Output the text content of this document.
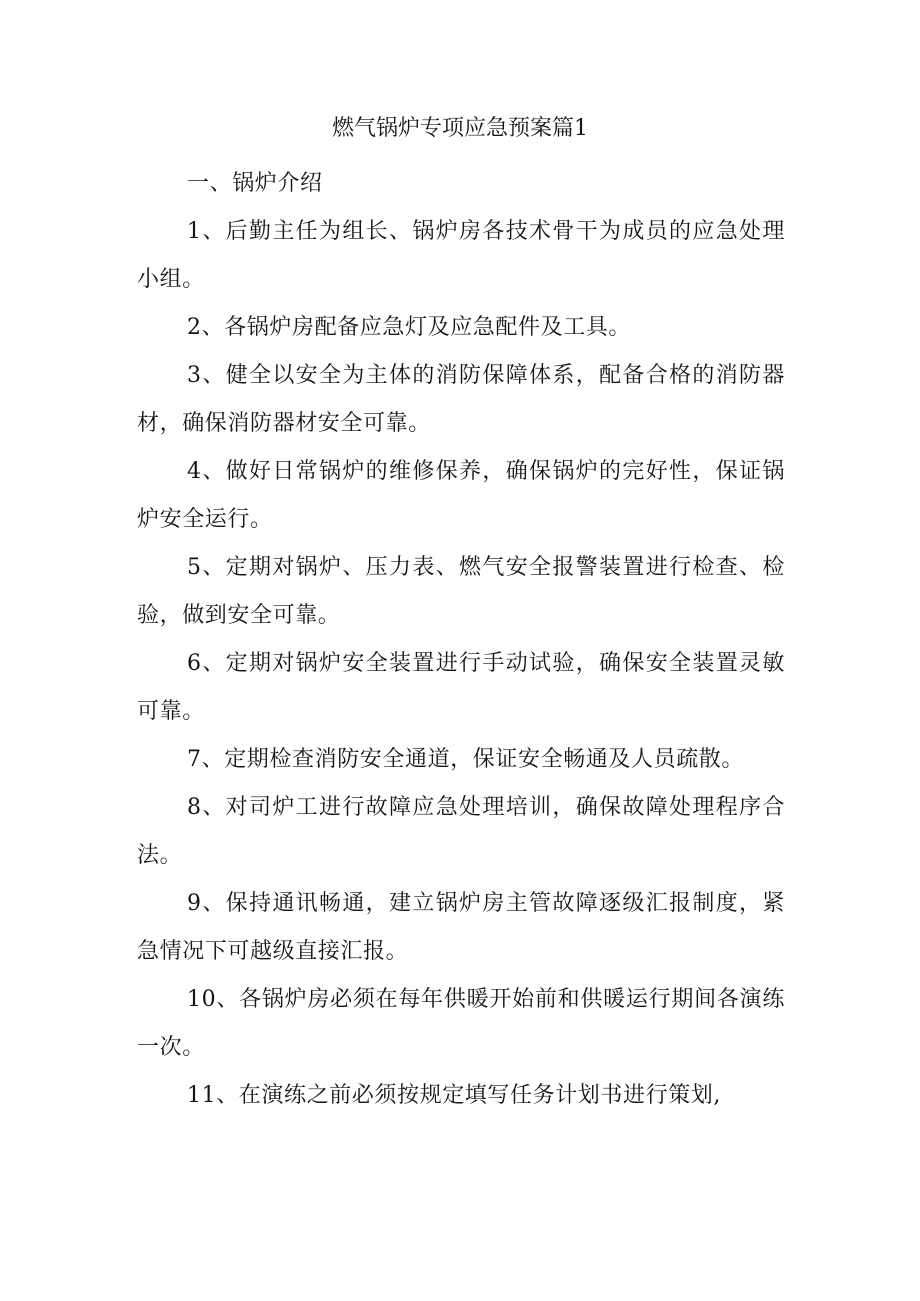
燃气锅炉专项应急预案篇1

一、锅炉介绍

1、后勤主任为组长、锅炉房各技术骨干为成员的应急处理小组。

2、各锅炉房配备应急灯及应急配件及工具。

3、健全以安全为主体的消防保障体系，配备合格的消防器材，确保消防器材安全可靠。

4、做好日常锅炉的维修保养，确保锅炉的完好性，保证锅炉安全运行。

5、定期对锅炉、压力表、燃气安全报警装置进行检查、检验，做到安全可靠。

6、定期对锅炉安全装置进行手动试验，确保安全装置灵敏可靠。

7、定期检查消防安全通道，保证安全畅通及人员疏散。

8、对司炉工进行故障应急处理培训，确保故障处理程序合法。

9、保持通讯畅通，建立锅炉房主管故障逐级汇报制度，紧急情况下可越级直接汇报。

10、各锅炉房必须在每年供暖开始前和供暖运行期间各演练一次。

11、在演练之前必须按规定填写任务计划书进行策划,
